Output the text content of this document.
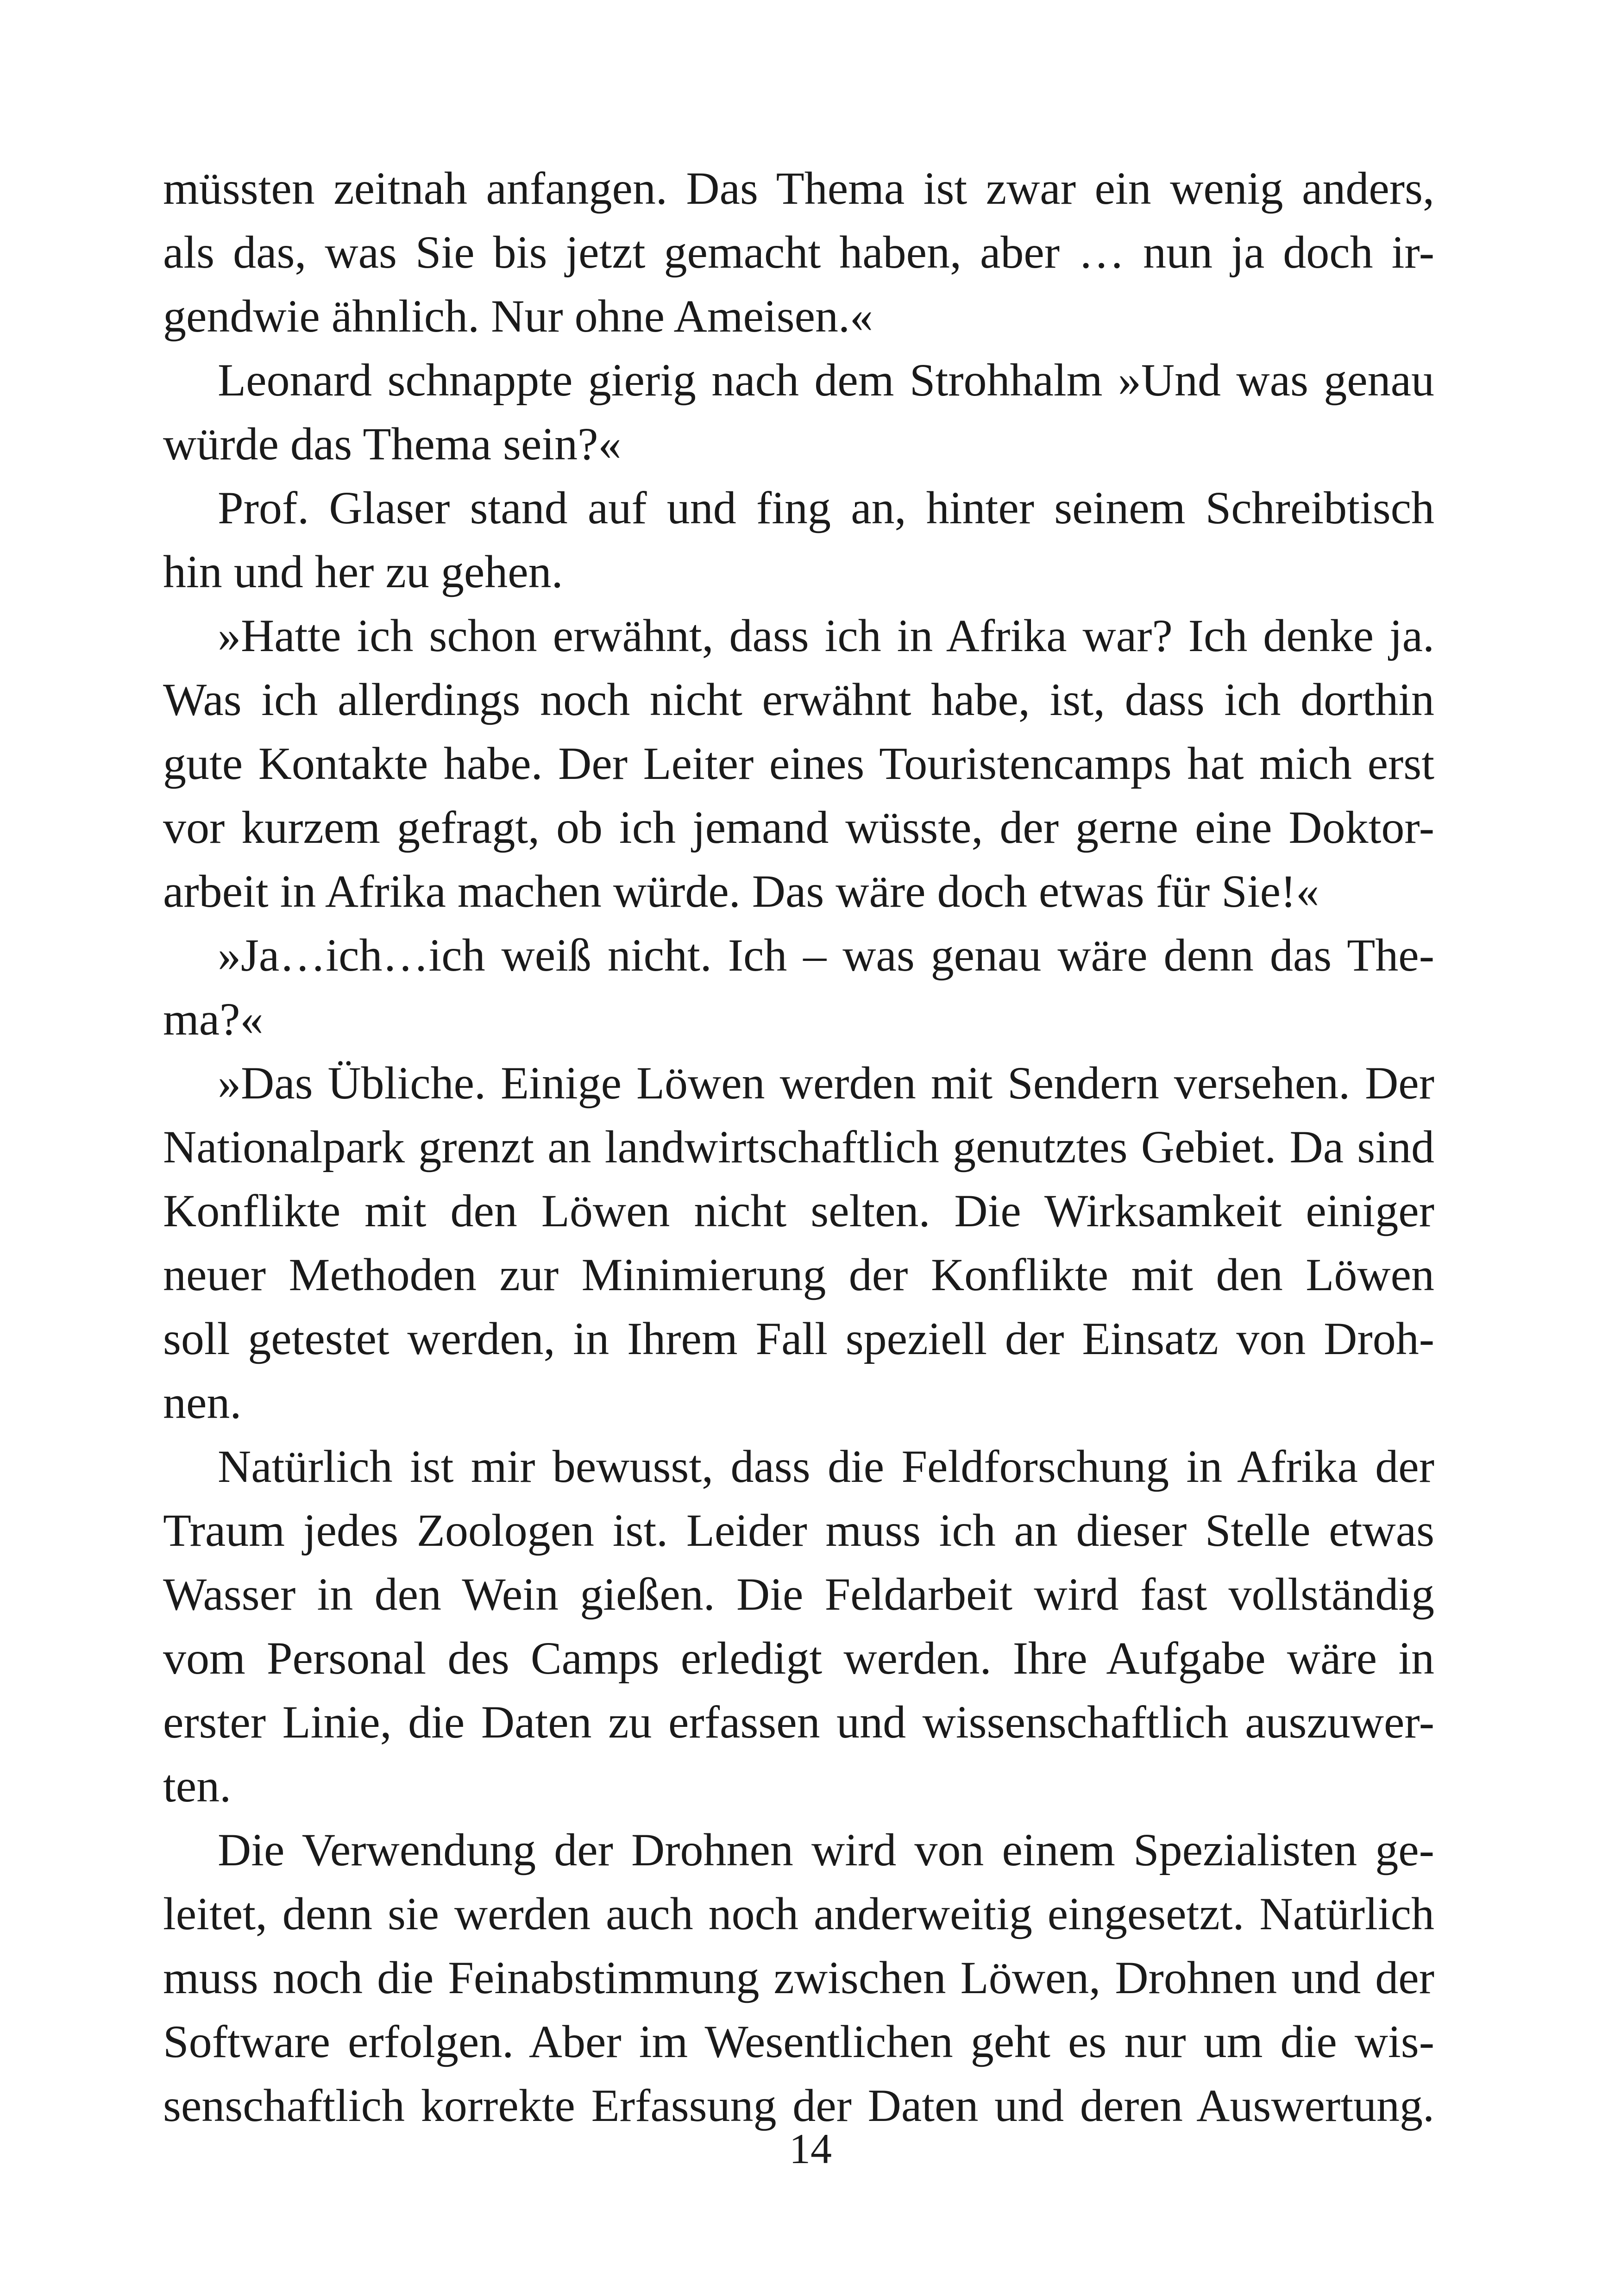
müssten zeitnah anfangen. Das Thema ist zwar ein wenig anders,
als das, was Sie bis jetzt gemacht haben, aber … nun ja doch ir-
gendwie ähnlich. Nur ohne Ameisen.«
Leonard schnappte gierig nach dem Strohhalm »Und was genau
würde das Thema sein?«
Prof. Glaser stand auf und fing an, hinter seinem Schreibtisch
hin und her zu gehen.
»Hatte ich schon erwähnt, dass ich in Afrika war? Ich denke ja.
Was ich allerdings noch nicht erwähnt habe, ist, dass ich dorthin
gute Kontakte habe. Der Leiter eines Touristencamps hat mich erst
vor kurzem gefragt, ob ich jemand wüsste, der gerne eine Doktor-
arbeit in Afrika machen würde. Das wäre doch etwas für Sie!«
»Ja…ich…ich weiß nicht. Ich – was genau wäre denn das The-
ma?«
»Das Übliche. Einige Löwen werden mit Sendern versehen. Der
Nationalpark grenzt an landwirtschaftlich genutztes Gebiet. Da sind
Konflikte mit den Löwen nicht selten. Die Wirksamkeit einiger
neuer Methoden zur Minimierung der Konflikte mit den Löwen
soll getestet werden, in Ihrem Fall speziell der Einsatz von Droh-
nen.
Natürlich ist mir bewusst, dass die Feldforschung in Afrika der
Traum jedes Zoologen ist. Leider muss ich an dieser Stelle etwas
Wasser in den Wein gießen. Die Feldarbeit wird fast vollständig
vom Personal des Camps erledigt werden. Ihre Aufgabe wäre in
erster Linie, die Daten zu erfassen und wissenschaftlich auszuwer-
ten.
Die Verwendung der Drohnen wird von einem Spezialisten ge-
leitet, denn sie werden auch noch anderweitig eingesetzt. Natürlich
muss noch die Feinabstimmung zwischen Löwen, Drohnen und der
Software erfolgen. Aber im Wesentlichen geht es nur um die wis-
senschaftlich korrekte Erfassung der Daten und deren Auswertung.
14
